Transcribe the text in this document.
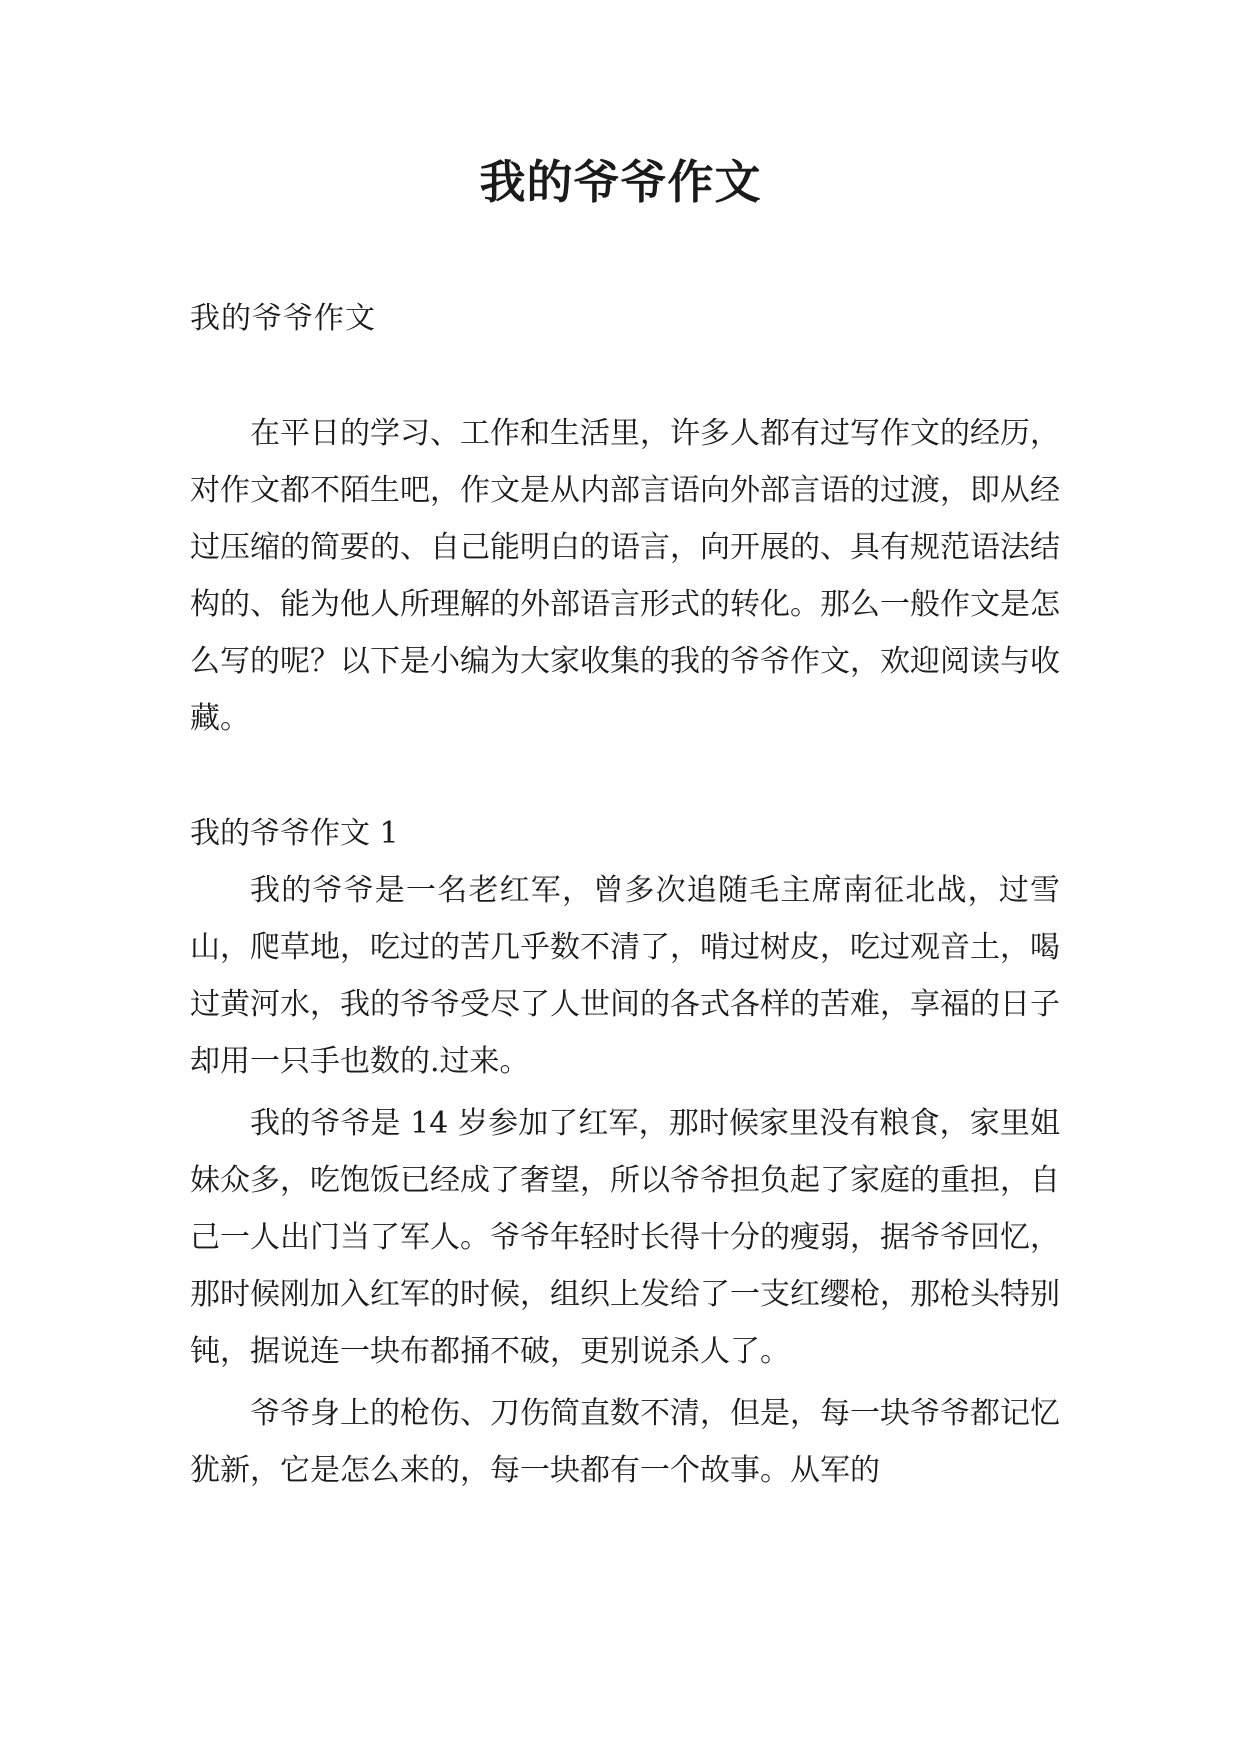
我的爷爷作文

我的爷爷作文

在平日的学习、工作和生活里，许多人都有过写作文的经历，对作文都不陌生吧，作文是从内部言语向外部言语的过渡，即从经过压缩的简要的、自己能明白的语言，向开展的、具有规范语法结构的、能为他人所理解的外部语言形式的转化。那么一般作文是怎么写的呢？以下是小编为大家收集的我的爷爷作文，欢迎阅读与收藏。

我的爷爷作文 1

我的爷爷是一名老红军，曾多次追随毛主席南征北战，过雪山，爬草地，吃过的苦几乎数不清了，啃过树皮，吃过观音土，喝过黄河水，我的爷爷受尽了人世间的各式各样的苦难，享福的日子却用一只手也数的.过来。

我的爷爷是 14 岁参加了红军，那时候家里没有粮食，家里姐妹众多，吃饱饭已经成了奢望，所以爷爷担负起了家庭的重担，自己一人出门当了军人。爷爷年轻时长得十分的瘦弱，据爷爷回忆，那时候刚加入红军的时候，组织上发给了一支红缨枪，那枪头特别钝，据说连一块布都捅不破，更别说杀人了。

爷爷身上的枪伤、刀伤简直数不清，但是，每一块爷爷都记忆犹新，它是怎么来的，每一块都有一个故事。从军的
